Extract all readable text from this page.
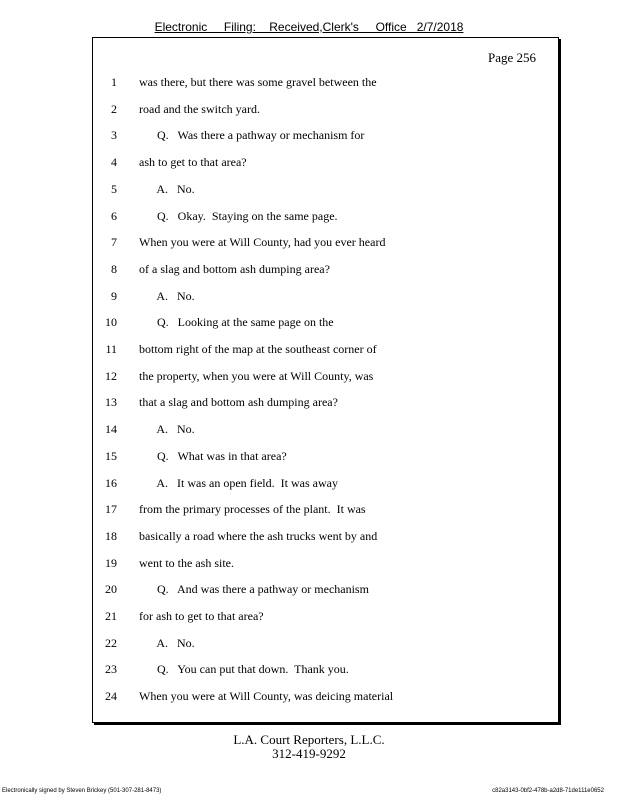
Electronic     Filing:    Received,Clerk's     Office   2/7/2018
Page 256
1 was there, but there was some gravel between the
2 road and the switch yard.
3 Q.   Was there a pathway or mechanism for
4 ash to get to that area?
5 A.   No.
6 Q.   Okay.  Staying on the same page.
7 When you were at Will County, had you ever heard
8 of a slag and bottom ash dumping area?
9 A.   No.
10 Q.   Looking at the same page on the
11 bottom right of the map at the southeast corner of
12 the property, when you were at Will County, was
13 that a slag and bottom ash dumping area?
14 A.   No.
15 Q.   What was in that area?
16 A.   It was an open field.  It was away
17 from the primary processes of the plant.  It was
18 basically a road where the ash trucks went by and
19 went to the ash site.
20 Q.   And was there a pathway or mechanism
21 for ash to get to that area?
22 A.   No.
23 Q.   You can put that down.  Thank you.
24 When you were at Will County, was deicing material
L.A. Court Reporters, L.L.C.
312-419-9292
Electronically signed by Steven Brickey (501-307-281-8473)	c82a3143-0bf2-478b-a2d8-71de111e0652
